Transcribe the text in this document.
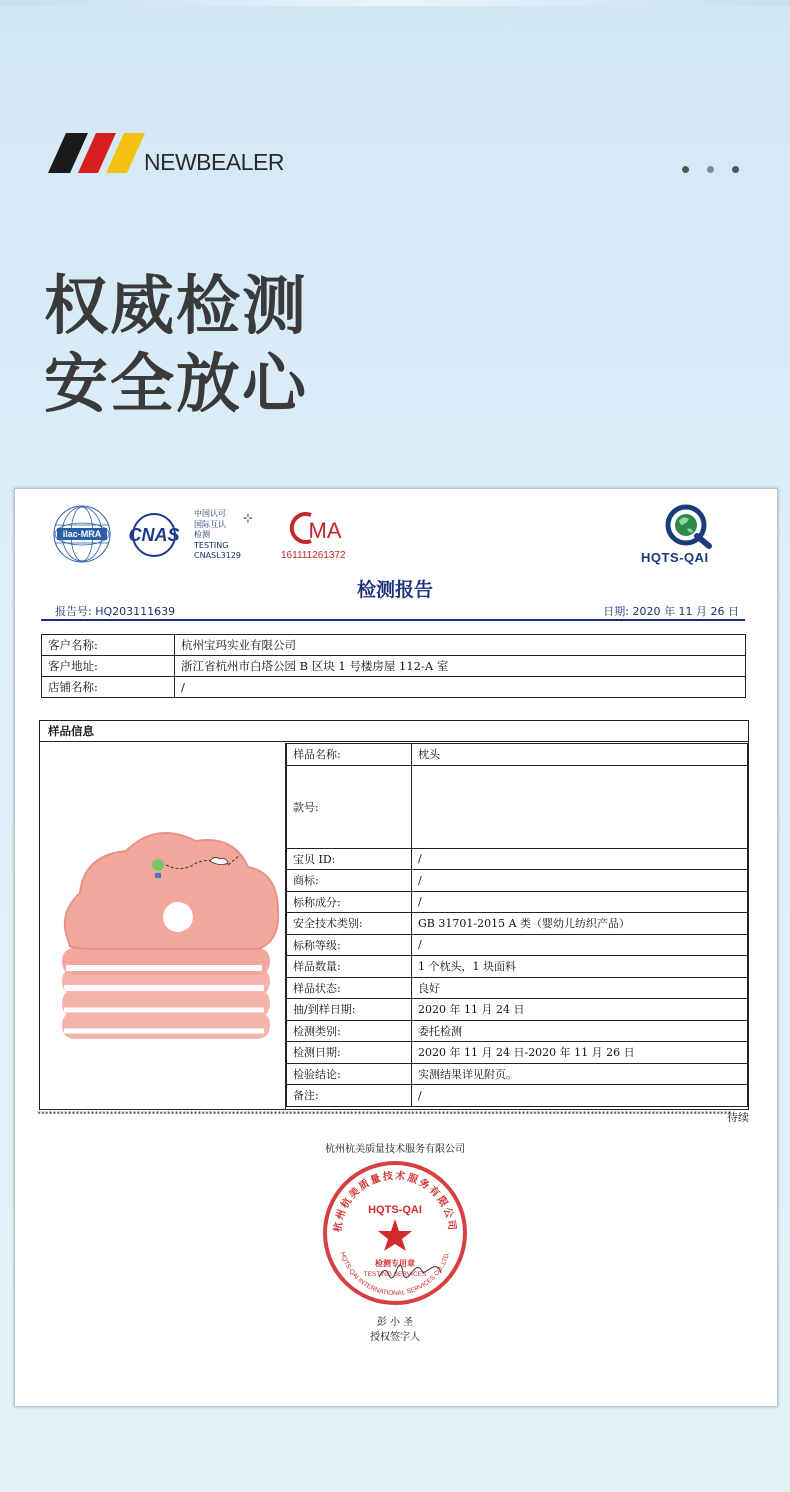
NEWBEALER
权威检测
安全放心
ilac-MRA CNAS
中国认可
国际互认
检测
TESTING
CNASL3129
⊹	MA
161111261372	HQTS-QAI
检测报告
报告号: HQ203111639	日期: 2020 年 11 月 26 日
客户名称:	杭州宝玛实业有限公司
客户地址:	浙江省杭州市白塔公园 B 区块 1 号楼房屋 112-A 室
店铺名称:	/
样品信息
样品名称:	枕头
款号:	
宝贝 ID:	/
商标:	/
标称成分:	/
安全技术类别:	GB 31701-2015 A 类（婴幼儿纺织产品）
标称等级:	/
样品数量:	1 个枕头，1 块面料
样品状态:	良好
抽/到样日期:	2020 年 11 月 24 日
检测类别:	委托检测
检测日期:	2020 年 11 月 24 日-2020 年 11 月 26 日
检验结论:	实测结果详见附页。
备注:	/
**************************************************************************************************************************************************************************************
待续
杭州杭美质量技术服务有限公司
杭州杭美质量技术服务有限公司
HQTS-QAI INTERNATIONAL SERVICES CO.,LTD.
HQTS-QAI
检测专用章
TESTING SERVICES
彭 小 圣
授权签字人
